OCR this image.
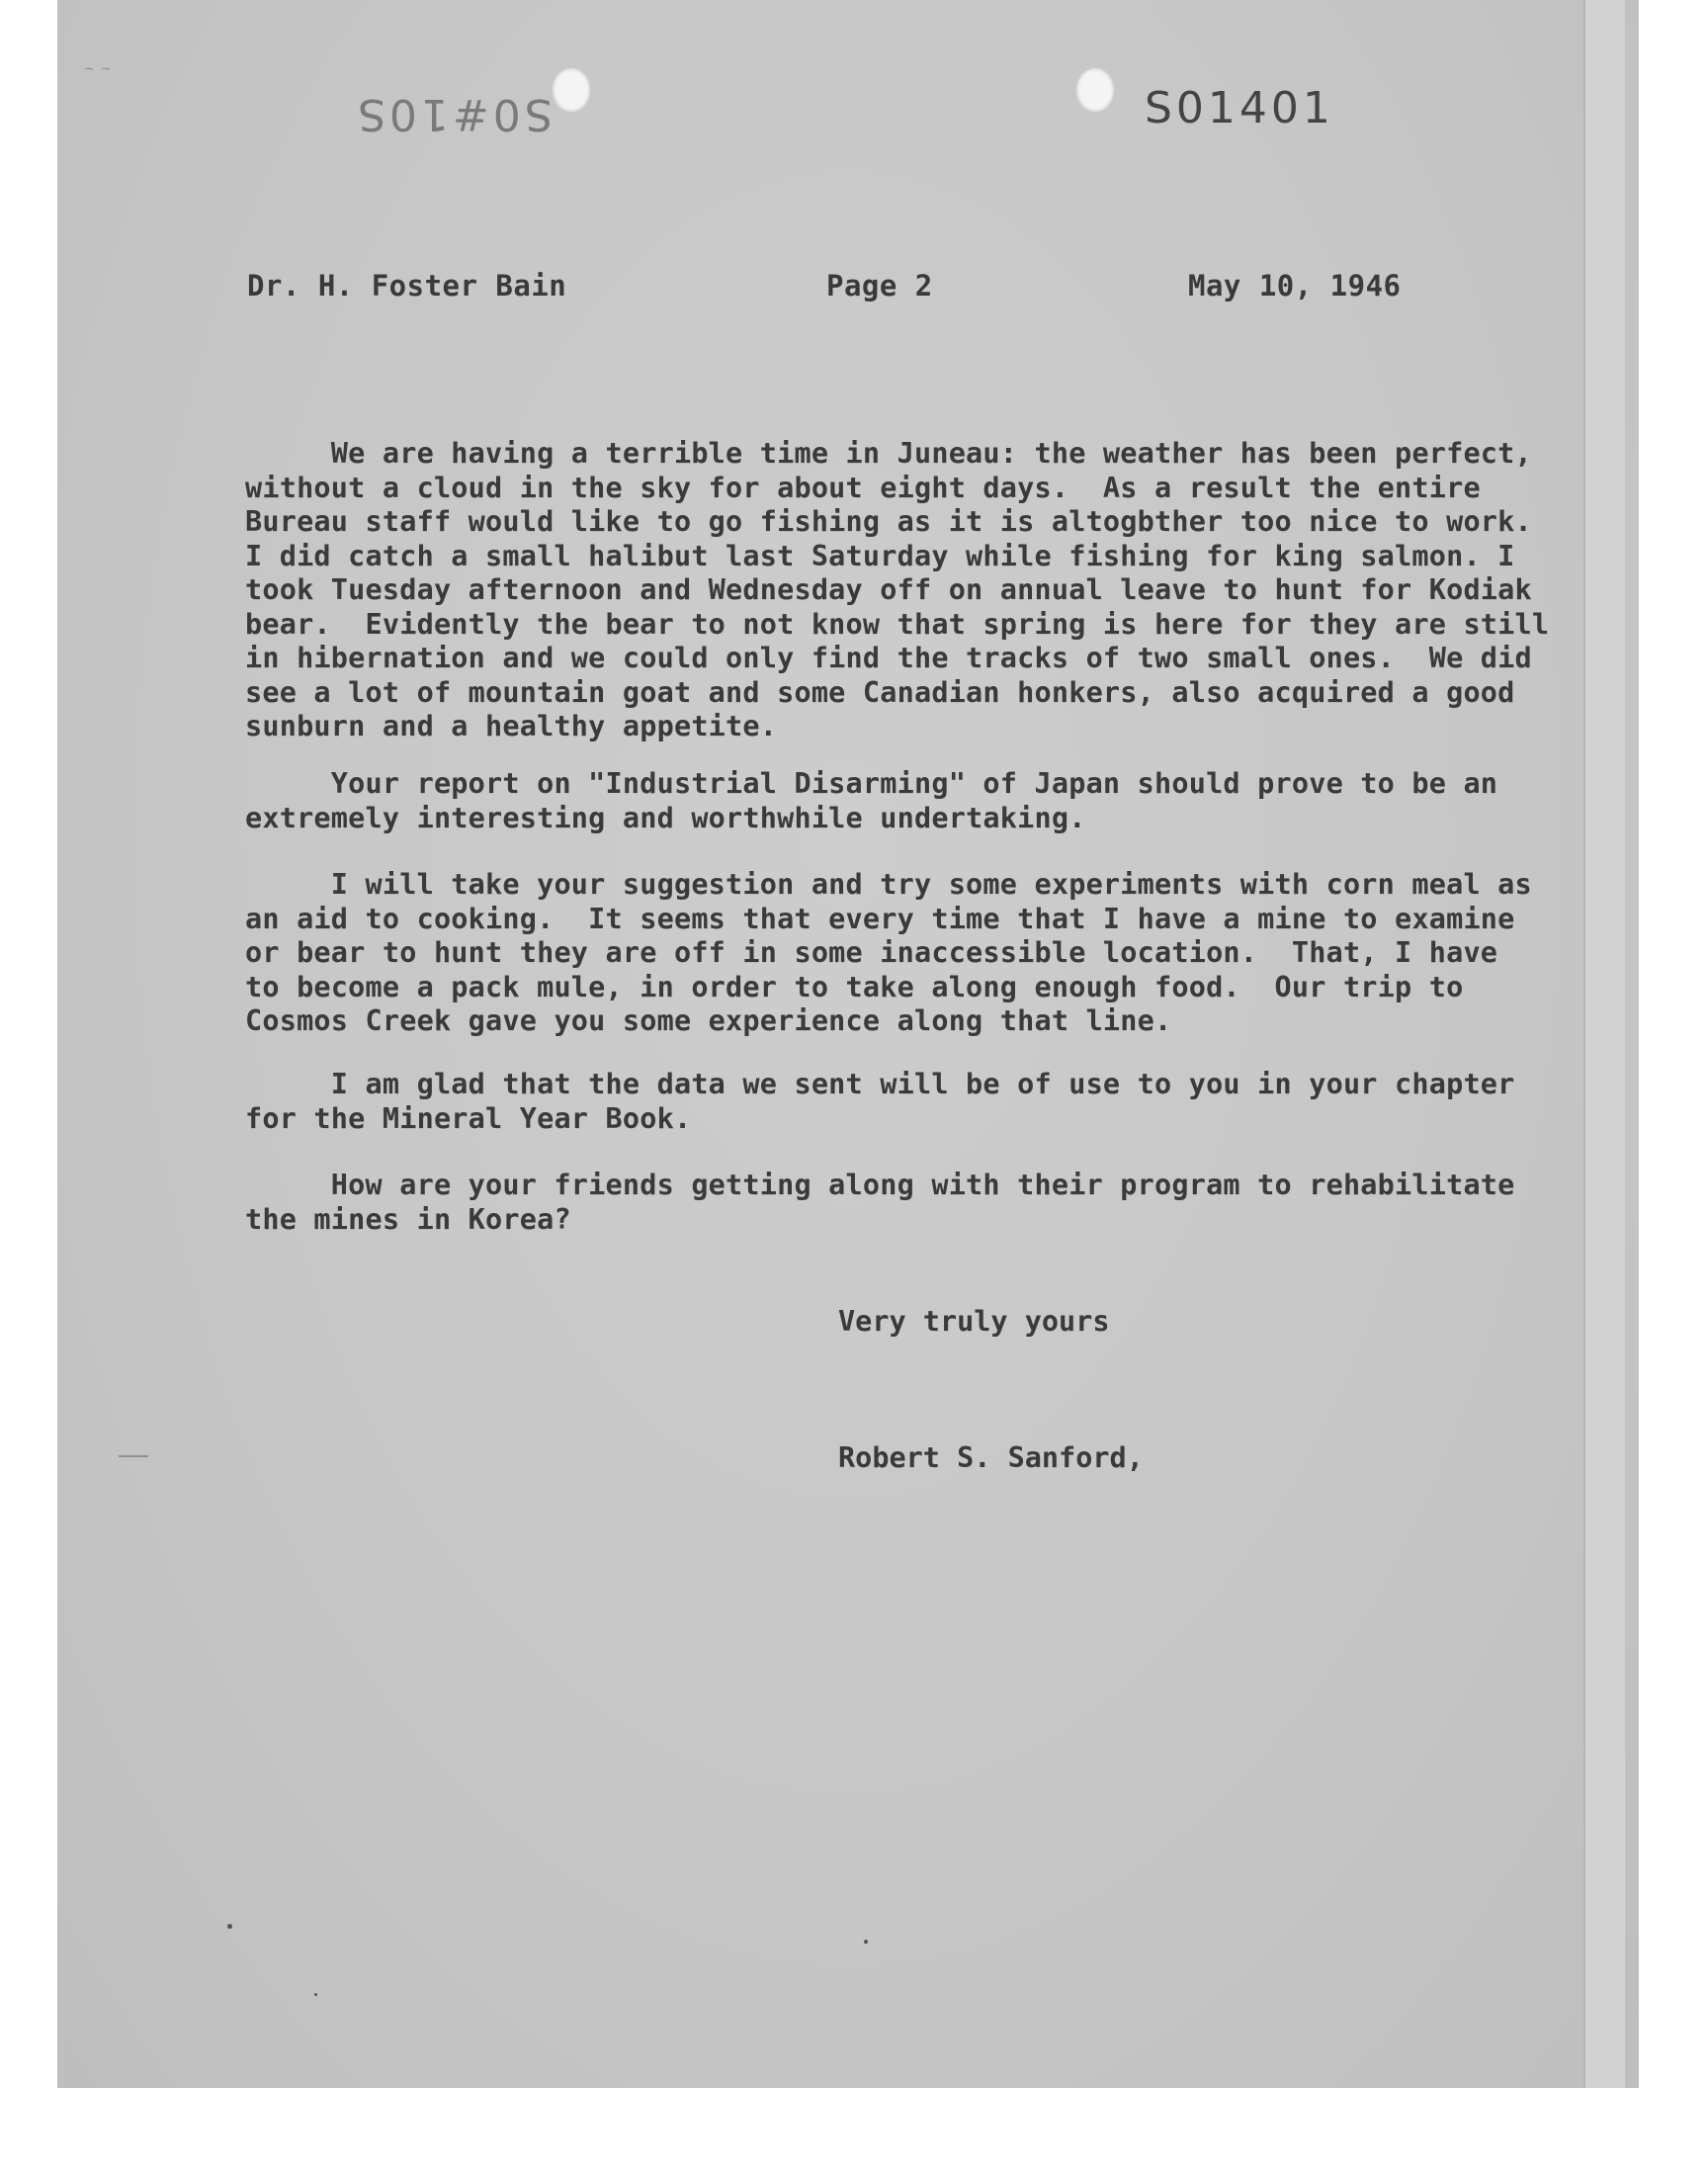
~ ~
S0#10S	S01401
Dr. H. Foster Bain	Page 2	May 10, 1946
We are having a terrible time in Juneau: the weather has been perfect,
without a cloud in the sky for about eight days.  As a result the entire
Bureau staff would like to go fishing as it is altogbther too nice to work.
I did catch a small halibut last Saturday while fishing for king salmon. I
took Tuesday afternoon and Wednesday off on annual leave to hunt for Kodiak
bear.  Evidently the bear to not know that spring is here for they are still
in hibernation and we could only find the tracks of two small ones.  We did
see a lot of mountain goat and some Canadian honkers, also acquired a good
sunburn and a healthy appetite.
Your report on "Industrial Disarming" of Japan should prove to be an
extremely interesting and worthwhile undertaking.
I will take your suggestion and try some experiments with corn meal as
an aid to cooking.  It seems that every time that I have a mine to examine
or bear to hunt they are off in some inaccessible location.  That, I have
to become a pack mule, in order to take along enough food.  Our trip to
Cosmos Creek gave you some experience along that line.
I am glad that the data we sent will be of use to you in your chapter
for the Mineral Year Book.
How are your friends getting along with their program to rehabilitate
the mines in Korea?
Very truly yours
Robert S. Sanford,
